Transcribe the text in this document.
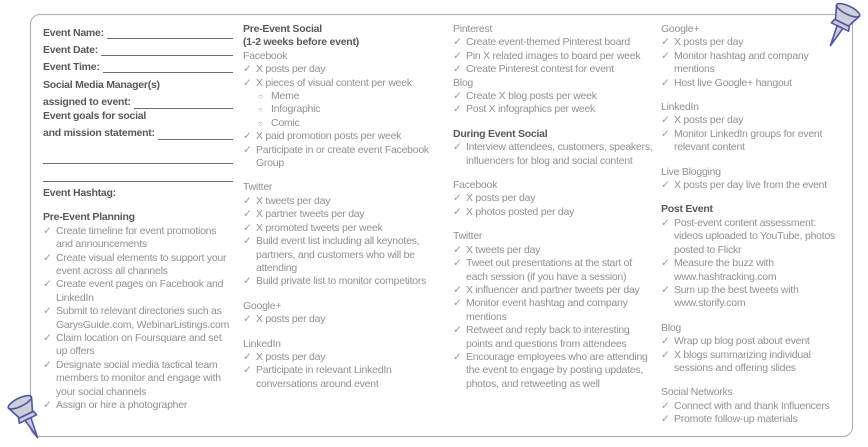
Event Name:
Event Date:
Event Time:
Social Media Manager(s)
assigned to event:
Event goals for social
and mission statement:
Event Hashtag:
Pre-Event Planning
✓ Create timeline for event promotions and announcements
✓ Create visual elements to support your event across all channels
✓ Create event pages on Facebook and LinkedIn
✓ Submit to relevant directories such as GarysGuide.com, WebinarListings.com
✓ Claim location on Foursquare and set up offers
✓ Designate social media tactical team members to monitor and engage with your social channels
✓ Assign or hire a photographer
Pre-Event Social
(1-2 weeks before event)
Facebook
✓ X posts per day
✓ X pieces of visual content per week
○ Meme
○ Infographic
○ Comic
✓ X paid promotion posts per week
✓ Participate in or create event Facebook Group
Twitter
✓ X tweets per day
✓ X partner tweets per day
✓ X promoted tweets per week
✓ Build event list including all keynotes, partners, and customers who will be attending
✓ Build private list to monitor competitors
Google+
✓ X posts per day
LinkedIn
✓ X posts per day
✓ Participate in relevant LinkedIn conversations around event
Pinterest
✓ Create event-themed Pinterest board
✓ Pin X related images to board per week
✓ Create Pinterest contest for event
Blog
✓ Create X blog posts per week
✓ Post X infographics per week
During Event Social
✓ Interview attendees, customers, speakers, influencers for blog and social content
Facebook
✓ X posts per day
✓ X photos posted per day
Twitter
✓ X tweets per day
✓ Tweet out presentations at the start of each session (if you have a session)
✓ X influencer and partner tweets per day
✓ Monitor event hashtag and company mentions
✓ Retweet and reply back to interesting points and questions from attendees
✓ Encourage employees who are attending the event to engage by posting updates, photos, and retweeting as well
Google+
✓ X posts per day
✓ Monitor hashtag and company mentions
✓ Host live Google+ hangout
LinkedIn
✓ X posts per day
✓ Monitor LinkedIn groups for event relevant content
Live Blogging
✓ X posts per day live from the event
Post Event
✓ Post-event content assessment: videos uploaded to YouTube, photos posted to Flickr
✓ Measure the buzz with www.hashtracking.com
✓ Sum up the best tweets with www.storify.com
Blog
✓ Wrap up blog post about event
✓ X blogs summarizing individual sessions and offering slides
Social Networks
✓ Connect with and thank Influencers
✓ Promote follow-up materials
